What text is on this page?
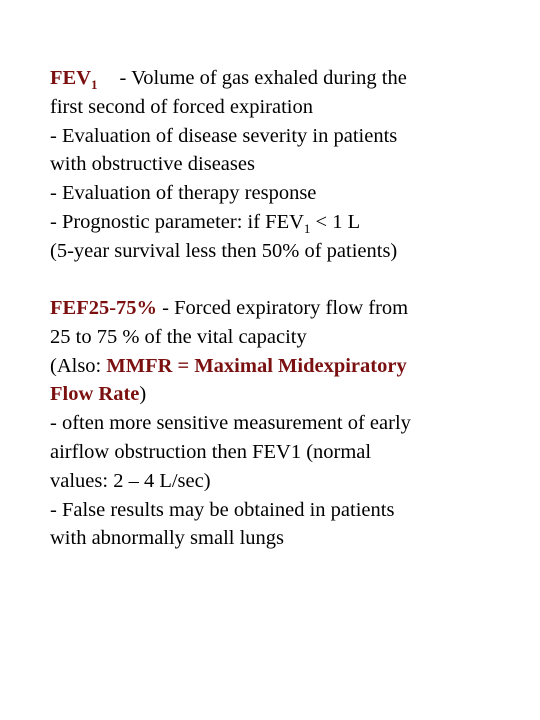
$FEV_1$ - Volume of gas exhaled during the
first second of forced expiration
- Evaluation of disease severity in patients
with obstructive diseases
- Evaluation of therapy response
- Prognostic parameter: if $FEV_1 < 1$ L
(5-year survival less then 50% of patients)
FEF25-75% - Forced expiratory flow from
25 to 75 % of the vital capacity
(Also: MMFR = Maximal Midexpiratory
Flow Rate)
- often more sensitive measurement of early
airflow obstruction then FEV1 (normal
values: 2 – 4 L/sec)
- False results may be obtained in patients
with abnormally small lungs
